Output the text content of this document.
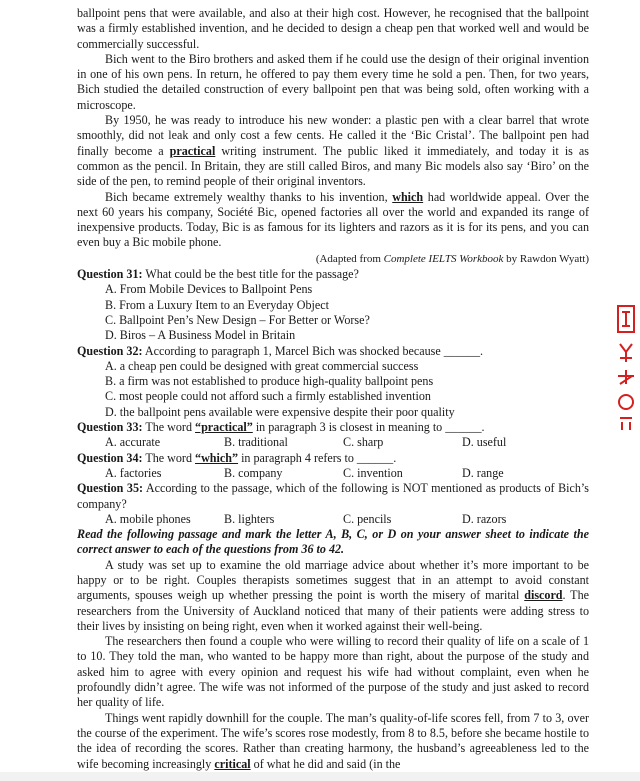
ballpoint pens that were available, and also at their high cost. However, he recognised that the ballpoint was a firmly established invention, and he decided to design a cheap pen that worked well and would be commercially successful.

Bich went to the Biro brothers and asked them if he could use the design of their original invention in one of his own pens. In return, he offered to pay them every time he sold a pen. Then, for two years, Bich studied the detailed construction of every ballpoint pen that was being sold, often working with a microscope.

By 1950, he was ready to introduce his new wonder: a plastic pen with a clear barrel that wrote smoothly, did not leak and only cost a few cents. He called it the ‘Bic Cristal’. The ballpoint pen had finally become a practical writing instrument. The public liked it immediately, and today it is as common as the pencil. In Britain, they are still called Biros, and many Bic models also say ‘Biro’ on the side of the pen, to remind people of their original inventors.

Bich became extremely wealthy thanks to his invention, which had worldwide appeal. Over the next 60 years his company, Société Bic, opened factories all over the world and expanded its range of inexpensive products. Today, Bic is as famous for its lighters and razors as it is for its pens, and you can even buy a Bic mobile phone.

(Adapted from Complete IELTS Workbook by Rawdon Wyatt)

Question 31: What could be the best title for the passage?

A. From Mobile Devices to Ballpoint Pens

B. From a Luxury Item to an Everyday Object

C. Ballpoint Pen’s New Design – For Better or Worse?

D. Biros – A Business Model in Britain

Question 32: According to paragraph 1, Marcel Bich was shocked because ______.

A. a cheap pen could be designed with great commercial success

B. a firm was not established to produce high-quality ballpoint pens

C. most people could not afford such a firmly established invention

D. the ballpoint pens available were expensive despite their poor quality

Question 33: The word “practical” in paragraph 3 is closest in meaning to ______.

A. accurate	B. traditional	C. sharp	D. useful

Question 34: The word “which” in paragraph 4 refers to ______.

A. factories	B. company	C. invention	D. range

Question 35: According to the passage, which of the following is NOT mentioned as products of Bich’s company?

A. mobile phones	B. lighters	C. pencils	D. razors

Read the following passage and mark the letter A, B, C, or D on your answer sheet to indicate the correct answer to each of the questions from 36 to 42.

A study was set up to examine the old marriage advice about whether it’s more important to be happy or to be right. Couples therapists sometimes suggest that in an attempt to avoid constant arguments, spouses weigh up whether pressing the point is worth the misery of marital discord. The researchers from the University of Auckland noticed that many of their patients were adding stress to their lives by insisting on being right, even when it worked against their well-being.

The researchers then found a couple who were willing to record their quality of life on a scale of 1 to 10. They told the man, who wanted to be happy more than right, about the purpose of the study and asked him to agree with every opinion and request his wife had without complaint, even when he profoundly didn’t agree. The wife was not informed of the purpose of the study and just asked to record her quality of life.

Things went rapidly downhill for the couple. The man’s quality-of-life scores fell, from 7 to 3, over the course of the experiment. The wife’s scores rose modestly, from 8 to 8.5, before she became hostile to the idea of recording the scores. Rather than creating harmony, the husband’s agreeableness led to the wife becoming increasingly critical of what he did and said (in the
